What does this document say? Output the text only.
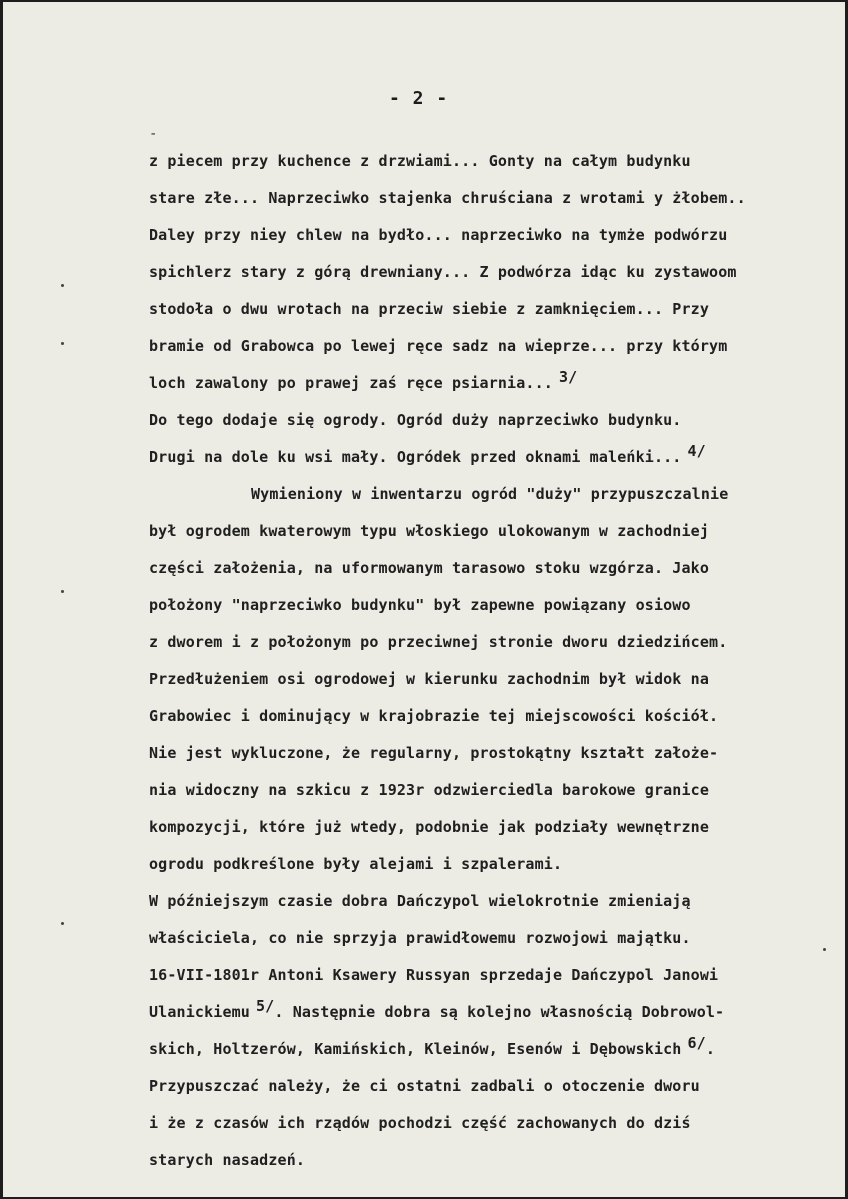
- 2 -
-
z piecem przy kuchence z drzwiami... Gonty na całym budynku
stare złe... Naprzeciwko stajenka chruściana z wrotami y żłobem..
Daley przy niey chlew na bydło... naprzeciwko na tymże podwórzu
spichlerz stary z górą drewniany... Z podwórza idąc ku zystawoom
stodoła o dwu wrotach na przeciw siebie z zamknięciem... Przy
bramie od Grabowca po lewej ręce sadz na wieprze... przy którym
loch zawalony po prawej zaś ręce psiarnia... $^{3/}$
Do tego dodaje się ogrody. Ogród duży naprzeciwko budynku.
Drugi na dole ku wsi mały. Ogródek przed oknami maleńki... $^{4/}$
Wymieniony w inwentarzu ogród "duży" przypuszczalnie
był ogrodem kwaterowym typu włoskiego ulokowanym w zachodniej
części założenia, na uformowanym tarasowo stoku wzgórza. Jako
położony "naprzeciwko budynku" był zapewne powiązany osiowo
z dworem i z położonym po przeciwnej stronie dworu dziedzińcem.
Przedłużeniem osi ogrodowej w kierunku zachodnim był widok na
Grabowiec i dominujący w krajobrazie tej miejscowości kościół.
Nie jest wykluczone, że regularny, prostokątny kształt założe-
nia widoczny na szkicu z 1923r odzwierciedla barokowe granice
kompozycji, które już wtedy, podobnie jak podziały wewnętrzne
ogrodu podkreślone były alejami i szpalerami.
W późniejszym czasie dobra Dańczypol wielokrotnie zmieniają
właściciela, co nie sprzyja prawidłowemu rozwojowi majątku.
16-VII-1801r Antoni Ksawery Russyan sprzedaje Dańczypol Janowi
Ulanickiemu $^{5/}$. Następnie dobra są kolejno własnością Dobrowol-
skich, Holtzerów, Kamińskich, Kleinów, Esenów i Dębowskich $^{6/}$.
Przypuszczać należy, że ci ostatni zadbali o otoczenie dworu
i że z czasów ich rządów pochodzi część zachowanych do dziś
starych nasadzeń.
